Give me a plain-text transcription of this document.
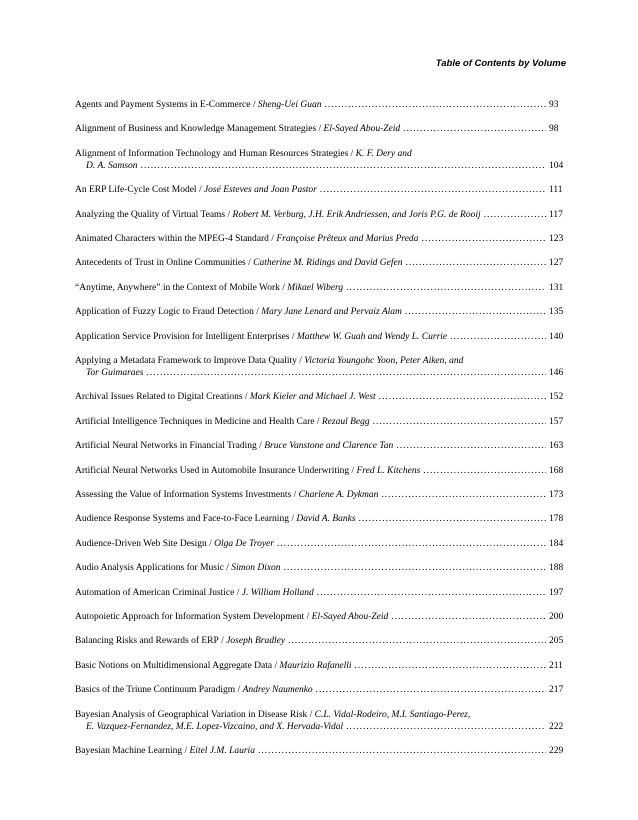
Table of Contents by Volume
Agents and Payment Systems in E-Commerce / Sheng-Uei Guan .....	93
Alignment of Business and Knowledge Management Strategies / El-Sayed Abou-Zeid .....	98
Alignment of Information Technology and Human Resources Strategies / K. F. Dery and
D. A. Samson .....	104
An ERP Life-Cycle Cost Model / José Esteves and Joan Pastor .....	111
Analyzing the Quality of Virtual Teams / Robert M. Verburg, J.H. Erik Andriessen, and Joris P.G. de Rooij .....	117
Animated Characters within the MPEG-4 Standard / Françoise Prêteux and Marius Preda .....	123
Antecedents of Trust in Online Communities / Catherine M. Ridings and David Gefen .....	127
“Anytime, Anywhere” in the Context of Mobile Work / Mikael Wiberg .....	131
Application of Fuzzy Logic to Fraud Detection / Mary Jane Lenard and Pervaiz Alam .....	135
Application Service Provision for Intelligent Enterprises / Matthew W. Guah and Wendy L. Currie .....	140
Applying a Metadata Framework to Improve Data Quality / Victoria Youngohc Yoon, Peter Aiken, and
Tor Guimaraes .....	146
Archival Issues Related to Digital Creations / Mark Kieler and Michael J. West .....	152
Artificial Intelligence Techniques in Medicine and Health Care / Rezaul Begg .....	157
Artificial Neural Networks in Financial Trading / Bruce Vanstone and Clarence Tan .....	163
Artificial Neural Networks Used in Automobile Insurance Underwriting / Fred L. Kitchens .....	168
Assessing the Value of Information Systems Investments / Charlene A. Dykman .....	173
Audience Response Systems and Face-to-Face Learning / David A. Banks .....	178
Audience-Driven Web Site Design / Olga De Troyer .....	184
Audio Analysis Applications for Music / Simon Dixon .....	188
Automation of American Criminal Justice / J. William Holland .....	197
Autopoietic Approach for Information System Development / El-Sayed Abou-Zeid .....	200
Balancing Risks and Rewards of ERP / Joseph Bradley .....	205
Basic Notions on Multidimensional Aggregate Data / Maurizio Rafanelli .....	211
Basics of the Triune Continuum Paradigm / Andrey Naumenko .....	217
Bayesian Analysis of Geographical Variation in Disease Risk / C.L. Vidal-Rodeiro, M.I. Santiago-Perez,
E. Vazquez-Fernandez, M.E. Lopez-Vizcaino, and X. Hervada-Vidal .....	222
Bayesian Machine Learning / Eitel J.M. Lauría .....	229
